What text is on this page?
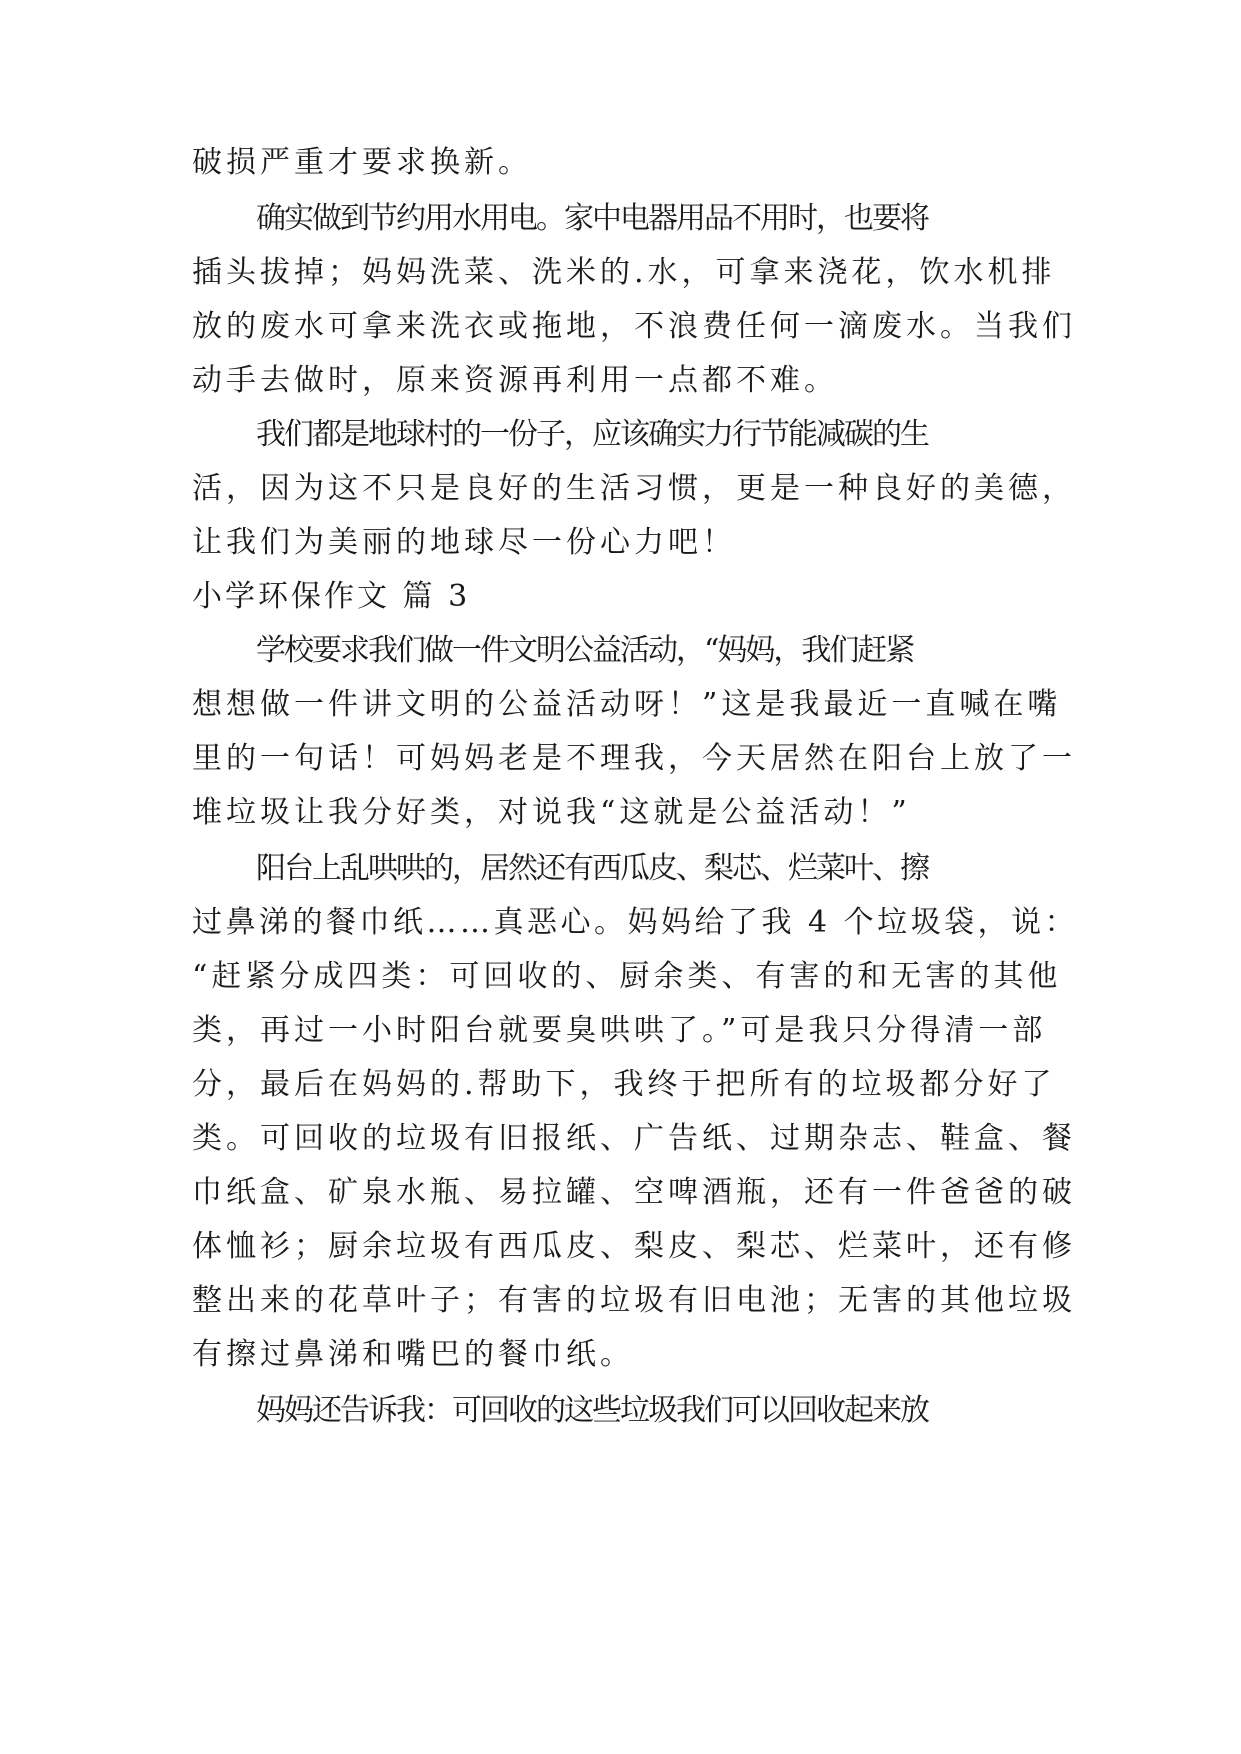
破损严重才要求换新。
确实做到节约用水用电。家中电器用品不用时，也要将
插头拔掉；妈妈洗菜、洗米的.水，可拿来浇花，饮水机排
放的废水可拿来洗衣或拖地，不浪费任何一滴废水。当我们
动手去做时，原来资源再利用一点都不难。
我们都是地球村的一份子，应该确实力行节能减碳的生
活，因为这不只是良好的生活习惯，更是一种良好的美德，
让我们为美丽的地球尽一份心力吧！
小学环保作文 篇 3
学校要求我们做一件文明公益活动，“妈妈，我们赶紧
想想做一件讲文明的公益活动呀！”这是我最近一直喊在嘴
里的一句话！可妈妈老是不理我，今天居然在阳台上放了一
堆垃圾让我分好类，对说我“这就是公益活动！”
阳台上乱哄哄的，居然还有西瓜皮、梨芯、烂菜叶、擦
过鼻涕的餐巾纸……真恶心。妈妈给了我 4 个垃圾袋，说：
“赶紧分成四类：可回收的、厨余类、有害的和无害的其他
类，再过一小时阳台就要臭哄哄了。”可是我只分得清一部
分，最后在妈妈的.帮助下，我终于把所有的垃圾都分好了
类。可回收的垃圾有旧报纸、广告纸、过期杂志、鞋盒、餐
巾纸盒、矿泉水瓶、易拉罐、空啤酒瓶，还有一件爸爸的破
体恤衫；厨余垃圾有西瓜皮、梨皮、梨芯、烂菜叶，还有修
整出来的花草叶子；有害的垃圾有旧电池；无害的其他垃圾
有擦过鼻涕和嘴巴的餐巾纸。
妈妈还告诉我：可回收的这些垃圾我们可以回收起来放
